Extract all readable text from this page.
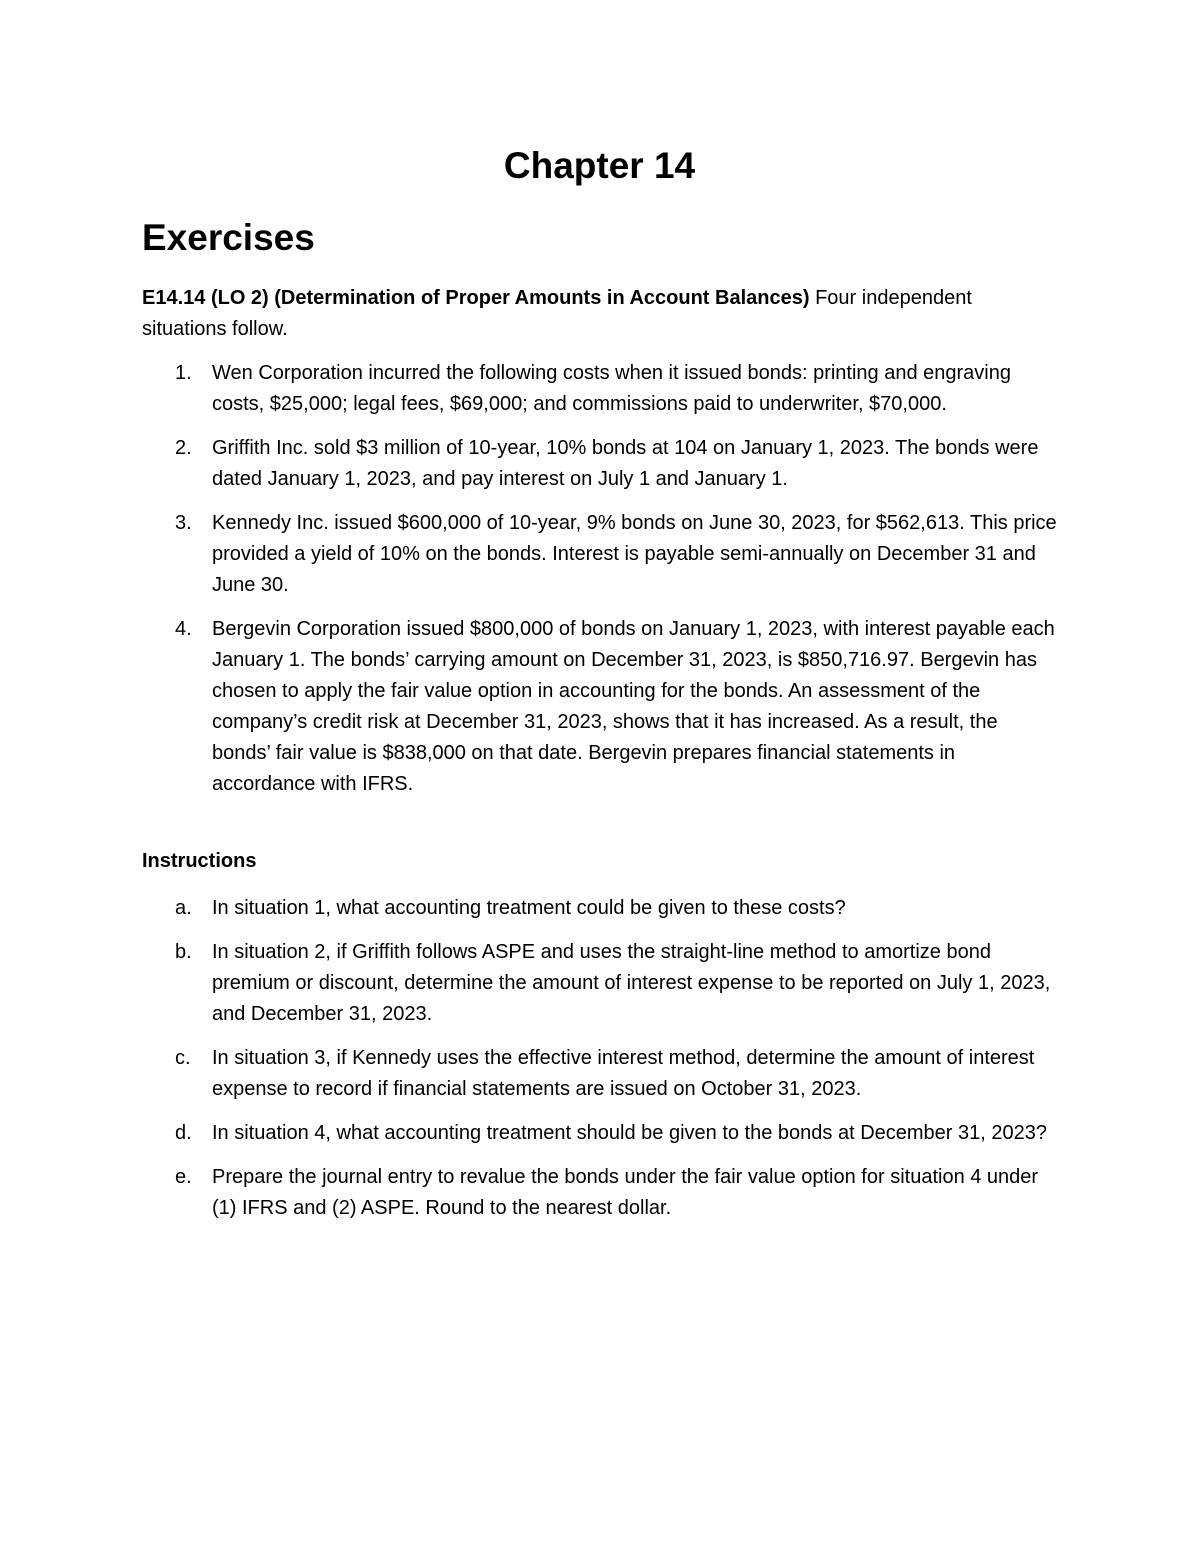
Chapter 14
Exercises

E14.14 (LO 2) (Determination of Proper Amounts in Account Balances) Four independent situations follow.

1. Wen Corporation incurred the following costs when it issued bonds: printing and engraving costs, $25,000; legal fees, $69,000; and commissions paid to underwriter, $70,000.
2. Griffith Inc. sold $3 million of 10-year, 10% bonds at 104 on January 1, 2023. The bonds were dated January 1, 2023, and pay interest on July 1 and January 1.
3. Kennedy Inc. issued $600,000 of 10-year, 9% bonds on June 30, 2023, for $562,613. This price provided a yield of 10% on the bonds. Interest is payable semi-annually on December 31 and June 30.
4. Bergevin Corporation issued $800,000 of bonds on January 1, 2023, with interest payable each January 1. The bonds’ carrying amount on December 31, 2023, is $850,716.97. Bergevin has chosen to apply the fair value option in accounting for the bonds. An assessment of the company’s credit risk at December 31, 2023, shows that it has increased. As a result, the bonds’ fair value is $838,000 on that date. Bergevin prepares financial statements in accordance with IFRS.
Instructions
a. In situation 1, what accounting treatment could be given to these costs?
b. In situation 2, if Griffith follows ASPE and uses the straight-line method to amortize bond premium or discount, determine the amount of interest expense to be reported on July 1, 2023, and December 31, 2023.
c. In situation 3, if Kennedy uses the effective interest method, determine the amount of interest expense to record if financial statements are issued on October 31, 2023.
d. In situation 4, what accounting treatment should be given to the bonds at December 31, 2023?
e. Prepare the journal entry to revalue the bonds under the fair value option for situation 4 under (1) IFRS and (2) ASPE. Round to the nearest dollar.
